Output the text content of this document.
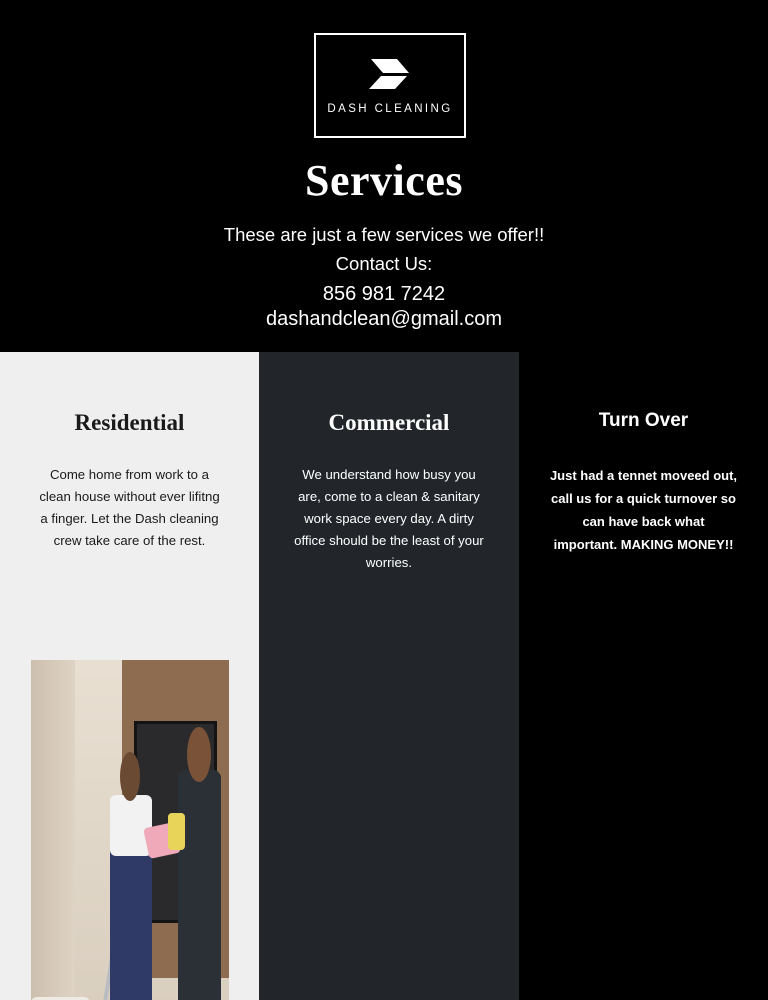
DASH CLEANING
Services
These are just a few services we offer!!
Contact Us:
856 981 7242
dashandclean@gmail.com
Residential
Come home from work to a clean house without ever lifitng a finger. Let the Dash cleaning crew take care of the rest.
Commercial
We understand how busy you are, come to a clean & sanitary work space every day. A dirty office should be the least of your worries.
Turn Over
Just had a tennet moveed out, call us for a quick turnover so can have back what important. MAKING MONEY!!
